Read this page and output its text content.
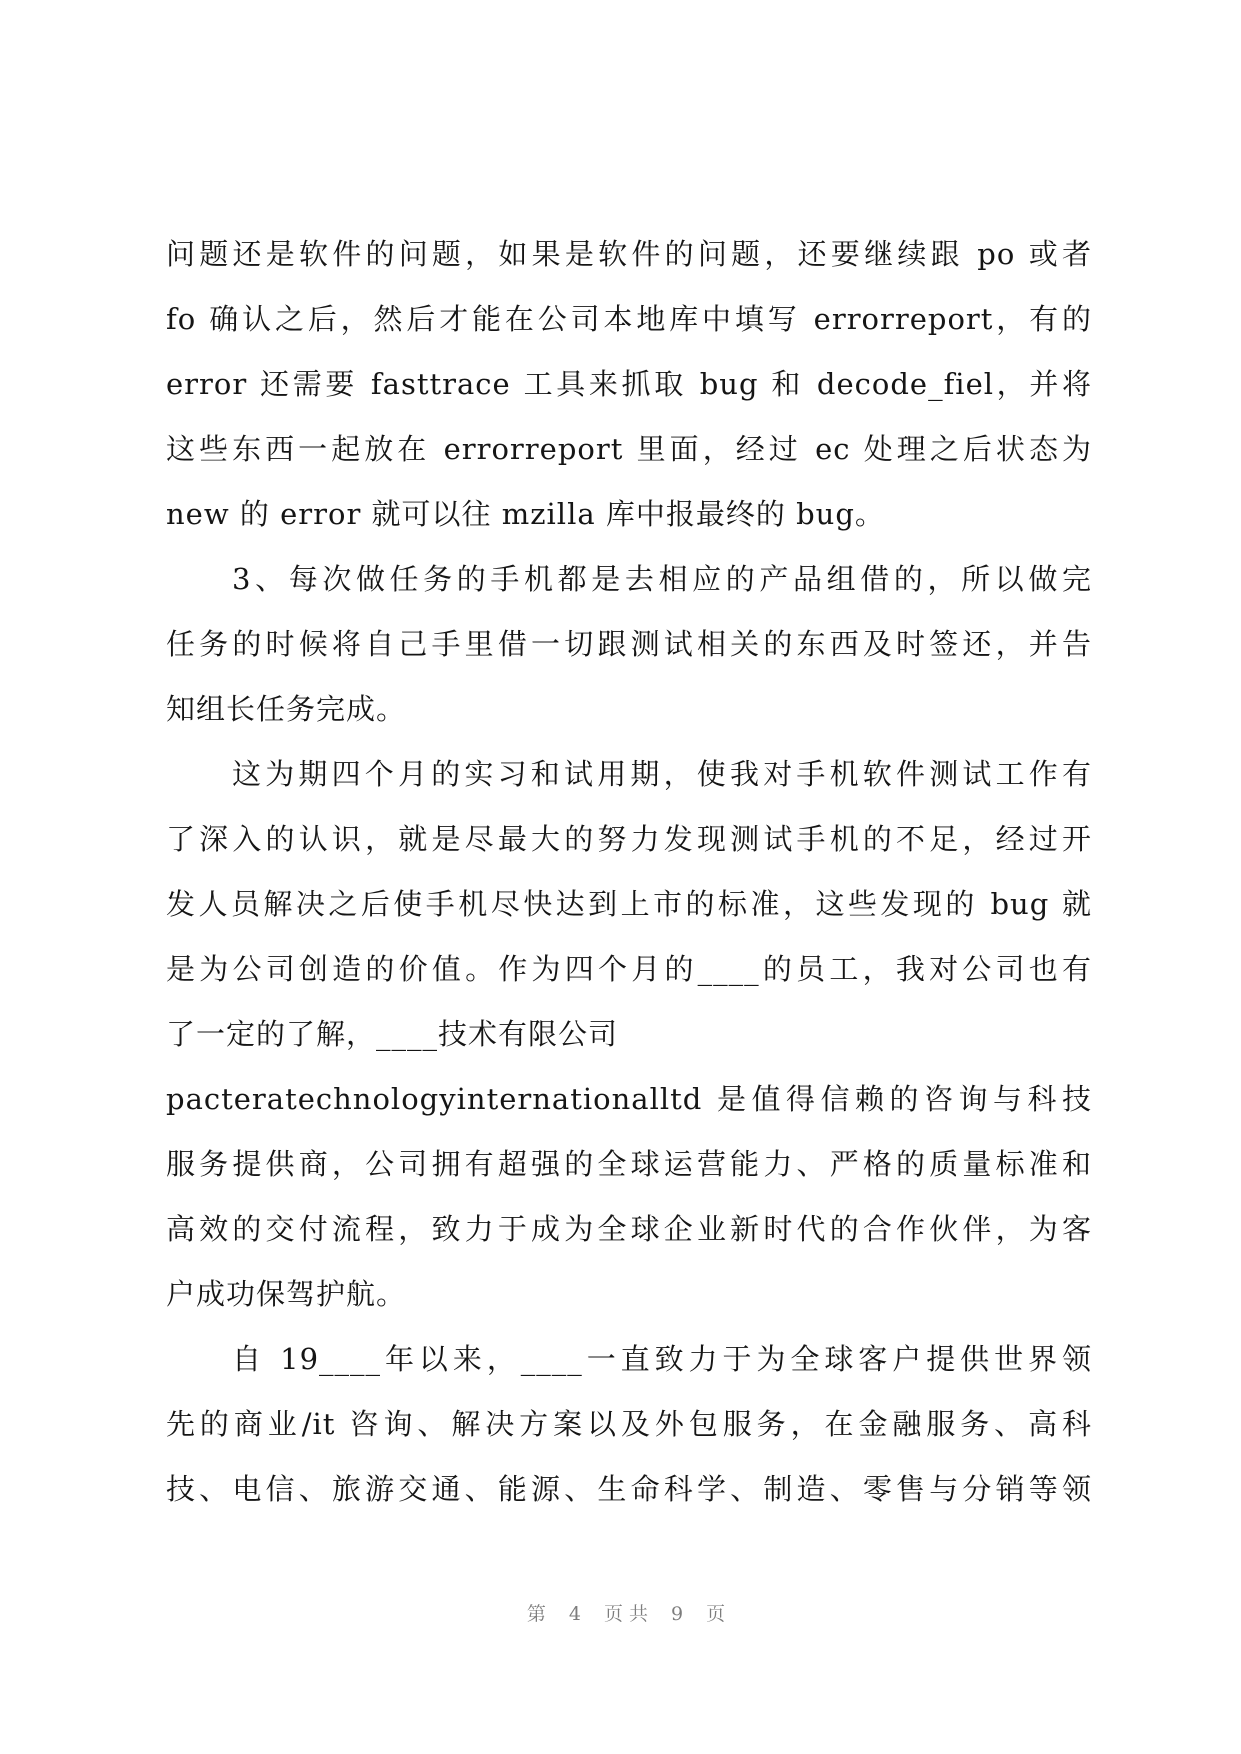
问题还是软件的问题，如果是软件的问题，还要继续跟 po 或者
fo 确认之后，然后才能在公司本地库中填写 errorreport，有的
error 还需要 fasttrace 工具来抓取 bug 和 decode_fiel，并将
这些东西一起放在 errorreport 里面，经过 ec 处理之后状态为
new 的 error 就可以往 mzilla 库中报最终的 bug。
3、每次做任务的手机都是去相应的产品组借的，所以做完
任务的时候将自己手里借一切跟测试相关的东西及时签还，并告
知组长任务完成。
这为期四个月的实习和试用期，使我对手机软件测试工作有
了深入的认识，就是尽最大的努力发现测试手机的不足，经过开
发人员解决之后使手机尽快达到上市的标准，这些发现的 bug 就
是为公司创造的价值。作为四个月的____的员工，我对公司也有
了一定的了解，____技术有限公司
pacteratechnologyinternationalltd 是值得信赖的咨询与科技
服务提供商，公司拥有超强的全球运营能力、严格的质量标准和
高效的交付流程，致力于成为全球企业新时代的合作伙伴，为客
户成功保驾护航。
自 19____年以来，____一直致力于为全球客户提供世界领
先的商业/it 咨询、解决方案以及外包服务，在金融服务、高科
技、电信、旅游交通、能源、生命科学、制造、零售与分销等领
第 4 页共 9 页
